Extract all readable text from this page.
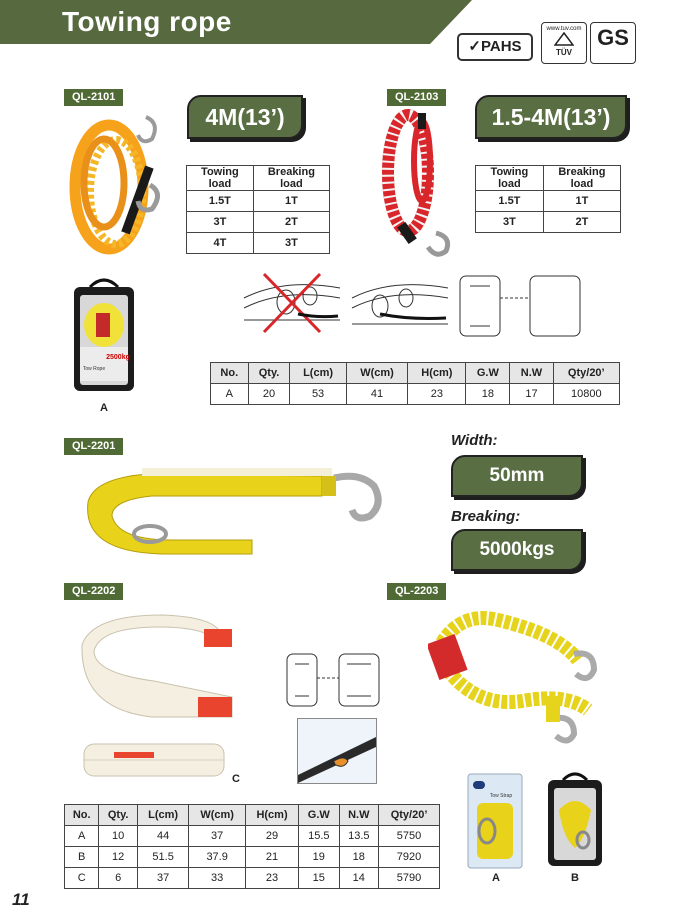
Towing rope
✓PAHS
www.tuv.com
TÜV
GS
QL-2101
4M(13’)
Towing load	Breaking load
1.5T	1T
3T	2T
4T	3T
2500kg
Tow Rope
A
QL-2103
1.5-4M(13’)
Towing load	Breaking load
1.5T	1T
3T	2T
No.	Qty.	L(cm)	W(cm)	H(cm)	G.W	N.W	Qty/20’
A	20	53	41	23	18	17	10800
QL-2201	Width:
50mm
Breaking:
5000kgs
QL-2202
C
QL-2203
Tow Strap
A	B
No.	Qty.	L(cm)	W(cm)	H(cm)	G.W	N.W	Qty/20’
A	10	44	37	29	15.5	13.5	5750
B	12	51.5	37.9	21	19	18	7920
C	6	37	33	23	15	14	5790
11
